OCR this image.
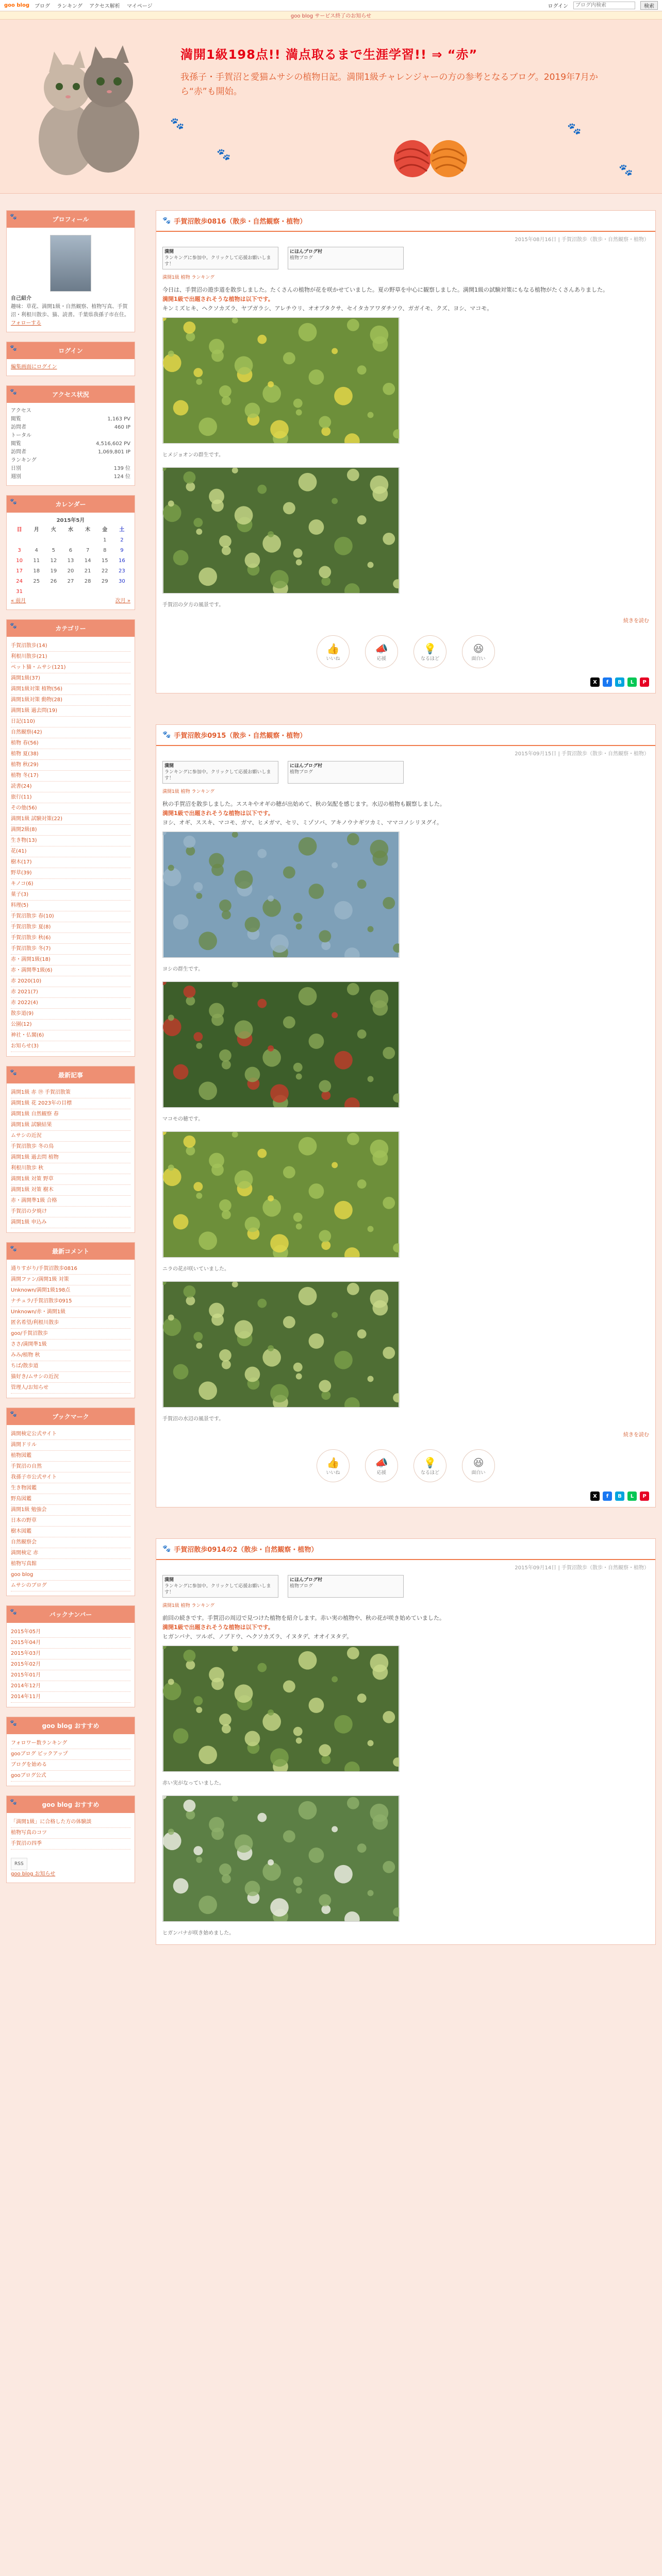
goo blog ブログ ランキング アクセス解析 マイページ	ログイン
ブログ内検索	検索
goo blog サービス終了のお知らせ
満開1級198点!! 満点取るまで生涯学習!! ⇒ “赤”
我孫子・手賀沼と愛猫ムサシの植物日記。満開1級チャレンジャーの方の参考となるブログ。2019年7月から“赤”も開始。
🐾
🐾
🐾
🐾
🐾 プロフィール
自己紹介
趣味：草花、満開1級・自然観察、植物写真、手賀沼・利根川散歩、猫、読書。千葉県我孫子市在住。
フォローする
🐾 ログイン
編集画面にログイン
🐾 アクセス状況
アクセス
閲覧	1,163 PV
訪問者	460 IP
トータル
閲覧	4,516,602 PV
訪問者	1,069,801 IP
ランキング
日別	139 位
週別	124 位
🐾 カレンダー
2015年5月
日	月	火	水	木	金	土
					1	2
3	4	5	6	7	8	9
10	11	12	13	14	15	16
17	18	19	20	21	22	23
24	25	26	27	28	29	30
31						
« 前月	次月 »
🐾 カテゴリー
手賀沼散歩(14)
利根川散歩(21)
ペット猫・ムサシ(121)
満開1級(37)
満開1級対策 植物(56)
満開1級対策 動物(28)
満開1級 過去問(19)
日記(110)
自然観察(42)
植物 春(56)
植物 夏(38)
植物 秋(29)
植物 冬(17)
読書(24)
旅行(11)
その他(56)
満開1級 試験対策(22)
満開2級(8)
生き物(13)
花(41)
樹木(17)
野草(39)
キノコ(6)
菓子(3)
料理(5)
手賀沼散歩 春(10)
手賀沼散歩 夏(8)
手賀沼散歩 秋(6)
手賀沼散歩 冬(7)
赤・満開1級(18)
赤・満開準1級(6)
赤 2020(10)
赤 2021(7)
赤 2022(4)
散歩道(9)
公園(12)
神社・仏閣(6)
お知らせ(3)
🐾 最新記事
満開1級 赤 ⑲ 手賀沼散策
満開1級 花 2023年の目標
満開1級 自然観察 春
満開1級 試験結果
ムサシの近況
手賀沼散歩 冬の鳥
満開1級 過去問 植物
利根川散歩 秋
満開1級 対策 野草
満開1級 対策 樹木
赤・満開準1級 合格
手賀沼の夕焼け
満開1級 申込み
🐾 最新コメント
通りすがり/手賀沼散歩0816
満開ファン/満開1級 対策
Unknown/満開1級198点
ナチュラ/手賀沼散歩0915
Unknown/赤・満開1級
匿名希望/利根川散歩
goo/手賀沼散歩
ささ/満開準1級
みみ/植物 秋
ちば/散歩道
猫好き/ムサシの近況
管理人/お知らせ
🐾 ブックマーク
満開検定公式サイト
満開ドリル
植物図鑑
手賀沼の自然
我孫子市公式サイト
生き物図鑑
野鳥図鑑
満開1級 勉強会
日本の野草
樹木図鑑
自然観察会
満開検定 赤
植物写真館
goo blog
ムサシのブログ
🐾 バックナンバー
2015年05月
2015年04月
2015年03月
2015年02月
2015年01月
2014年12月
2014年11月
🐾 goo blog おすすめ
フォロワー数ランキング
gooブログ ピックアップ
ブログを始める
gooブログ公式
🐾 goo blog おすすめ
「満開1級」に合格した方の体験談
植物写真のコツ
手賀沼の四季
RSS
goo blog お知らせ
🐾 手賀沼散歩0816（散歩・自然観察・植物）
2015年08月16日 | 手賀沼散歩（散歩・自然観察・植物）
満開
ランキングに参加中。クリックして応援お願いします！
にほんブログ村
植物ブログ
満開1級 植物 ランキング
今日は、手賀沼の遊歩道を散歩しました。たくさんの植物が花を咲かせていました。夏の野草を中心に観察しました。満開1級の試験対策にもなる植物がたくさんありました。
満開1級で出題されそうな植物は以下です。
キンミズヒキ、ヘクソカズラ、ヤブガラシ、アレチウリ、オオブタクサ、セイタカアワダチソウ、ガガイモ、クズ、ヨシ、マコモ。
ヒメジョオンの群生です。
手賀沼の夕方の風景です。
続きを読む
👍
いいね
📣
応援
💡
なるほど
😆
面白い
X	f	B	L	P
🐾 手賀沼散歩0915（散歩・自然観察・植物）
2015年09月15日 | 手賀沼散歩（散歩・自然観察・植物）
満開
ランキングに参加中。クリックして応援お願いします！
にほんブログ村
植物ブログ
満開1級 植物 ランキング
秋の手賀沼を散歩しました。ススキやオギの穂が出始めて、秋の気配を感じます。水辺の植物も観察しました。
満開1級で出題されそうな植物は以下です。
ヨシ、オギ、ススキ、マコモ、ガマ、ヒメガマ、セリ、ミゾソバ、アキノウナギツカミ、ママコノシリヌグイ。
ヨシの群生です。
マコモの穂です。
ニラの花が咲いていました。
手賀沼の水辺の風景です。
続きを読む
👍
いいね
📣
応援
💡
なるほど
😆
面白い
X	f	B	L	P
🐾 手賀沼散歩0914の2（散歩・自然観察・植物）
2015年09月14日 | 手賀沼散歩（散歩・自然観察・植物）
満開
ランキングに参加中。クリックして応援お願いします！
にほんブログ村
植物ブログ
満開1級 植物 ランキング
前回の続きです。手賀沼の周辺で見つけた植物を紹介します。赤い実の植物や、秋の花が咲き始めていました。
満開1級で出題されそうな植物は以下です。
ヒガンバナ、ツルボ、ノブドウ、ヘクソカズラ、イヌタデ、オオイヌタデ。
赤い実がなっていました。
ヒガンバナが咲き始めました。
